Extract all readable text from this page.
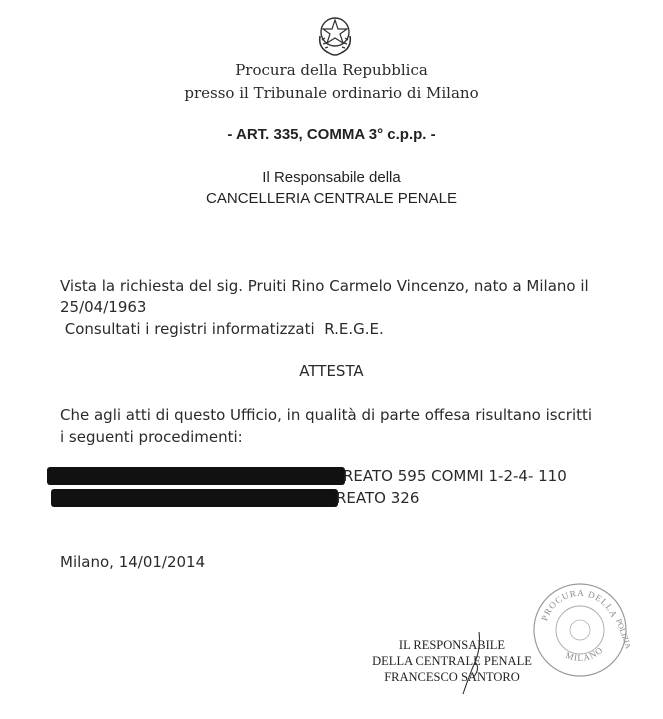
Procura della Repubblica
presso il Tribunale ordinario di Milano
- ART. 335, COMMA 3° c.p.p. -
Il Responsabile della
CANCELLERIA CENTRALE PENALE
Vista la richiesta del sig. Pruiti Rino Carmelo Vincenzo, nato a Milano il
25/04/1963
Consultati i registri informatizzati  R.E.G.E.
ATTESTA
Che agli atti di questo Ufficio, in qualità di parte offesa risultano iscritti
i seguenti procedimenti:
REATO 595 COMMI 1-2-4- 110
REATO 326
Milano, 14/01/2014
IL RESPONSABILE
DELLA CENTRALE PENALE
FRANCESCO SANTORO
PROCURA DELLA
MILANO
POLIZIA
